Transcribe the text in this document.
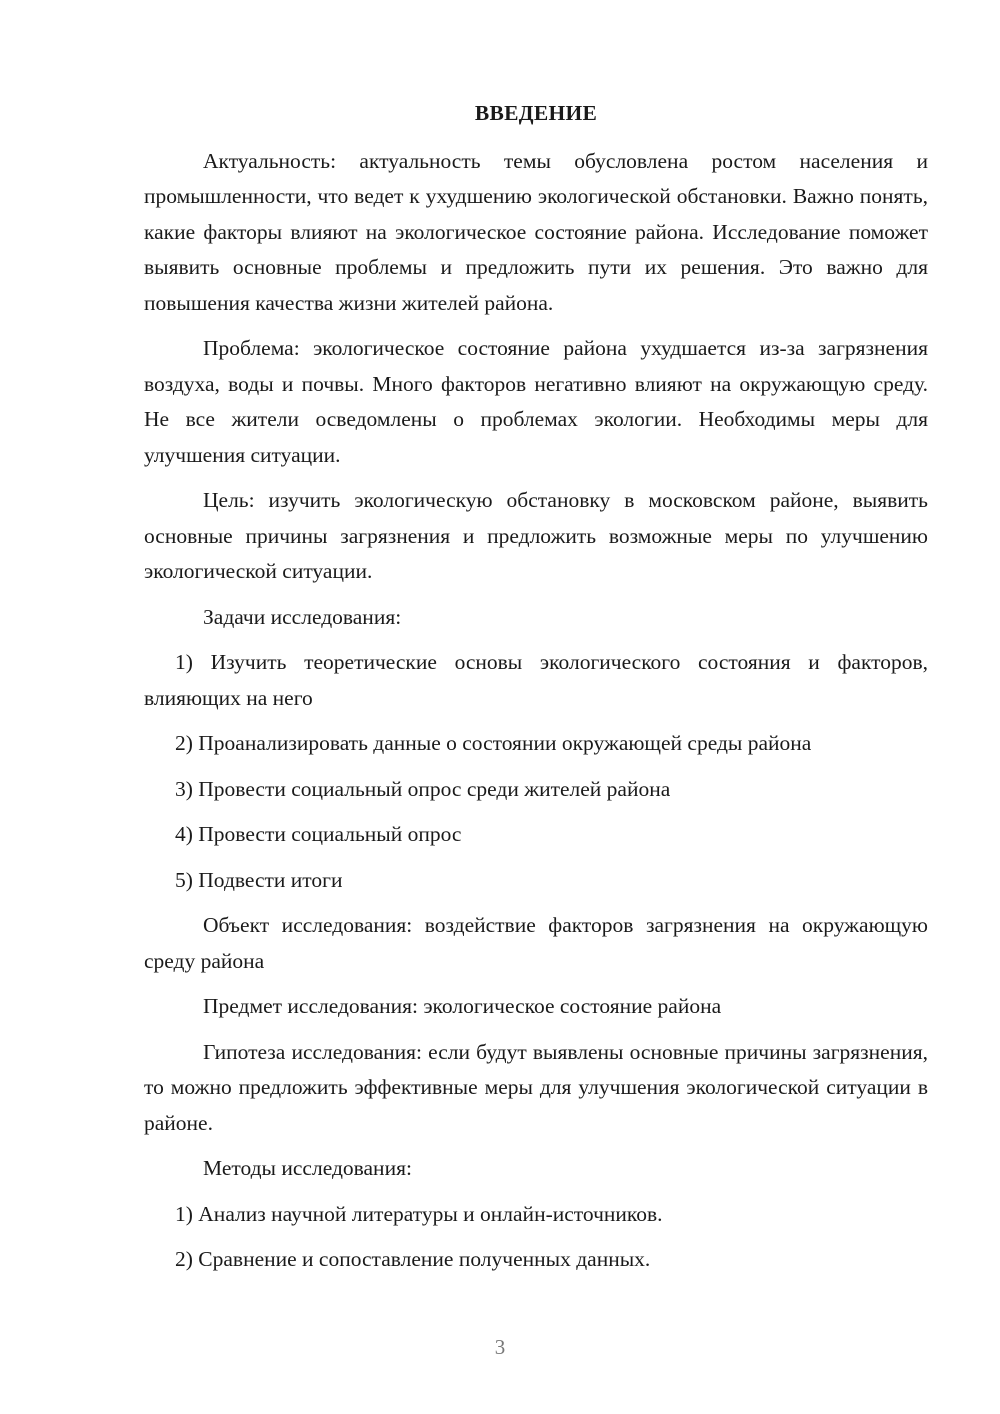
ВВЕДЕНИЕ

Актуальность: актуальность темы обусловлена ростом населения и промышленности, что ведет к ухудшению экологической обстановки. Важно понять, какие факторы влияют на экологическое состояние района. Исследование поможет выявить основные проблемы и предложить пути их решения. Это важно для повышения качества жизни жителей района.

Проблема: экологическое состояние района ухудшается из-за загрязнения воздуха, воды и почвы. Много факторов негативно влияют на окружающую среду. Не все жители осведомлены о проблемах экологии. Необходимы меры для улучшения ситуации.

Цель: изучить экологическую обстановку в московском районе, выявить основные причины загрязнения и предложить возможные меры по улучшению экологической ситуации.

Задачи исследования:

1) Изучить теоретические основы экологического состояния и факторов, влияющих на него

2) Проанализировать данные о состоянии окружающей среды района

3) Провести социальный опрос среди жителей района

4) Провести социальный опрос

5) Подвести итоги

Объект исследования: воздействие факторов загрязнения на окружающую среду района

Предмет исследования: экологическое состояние района

Гипотеза исследования: если будут выявлены основные причины загрязнения, то можно предложить эффективные меры для улучшения экологической ситуации в районе.

Методы исследования:

1) Анализ научной литературы и онлайн-источников.

2) Сравнение и сопоставление полученных данных.

3
